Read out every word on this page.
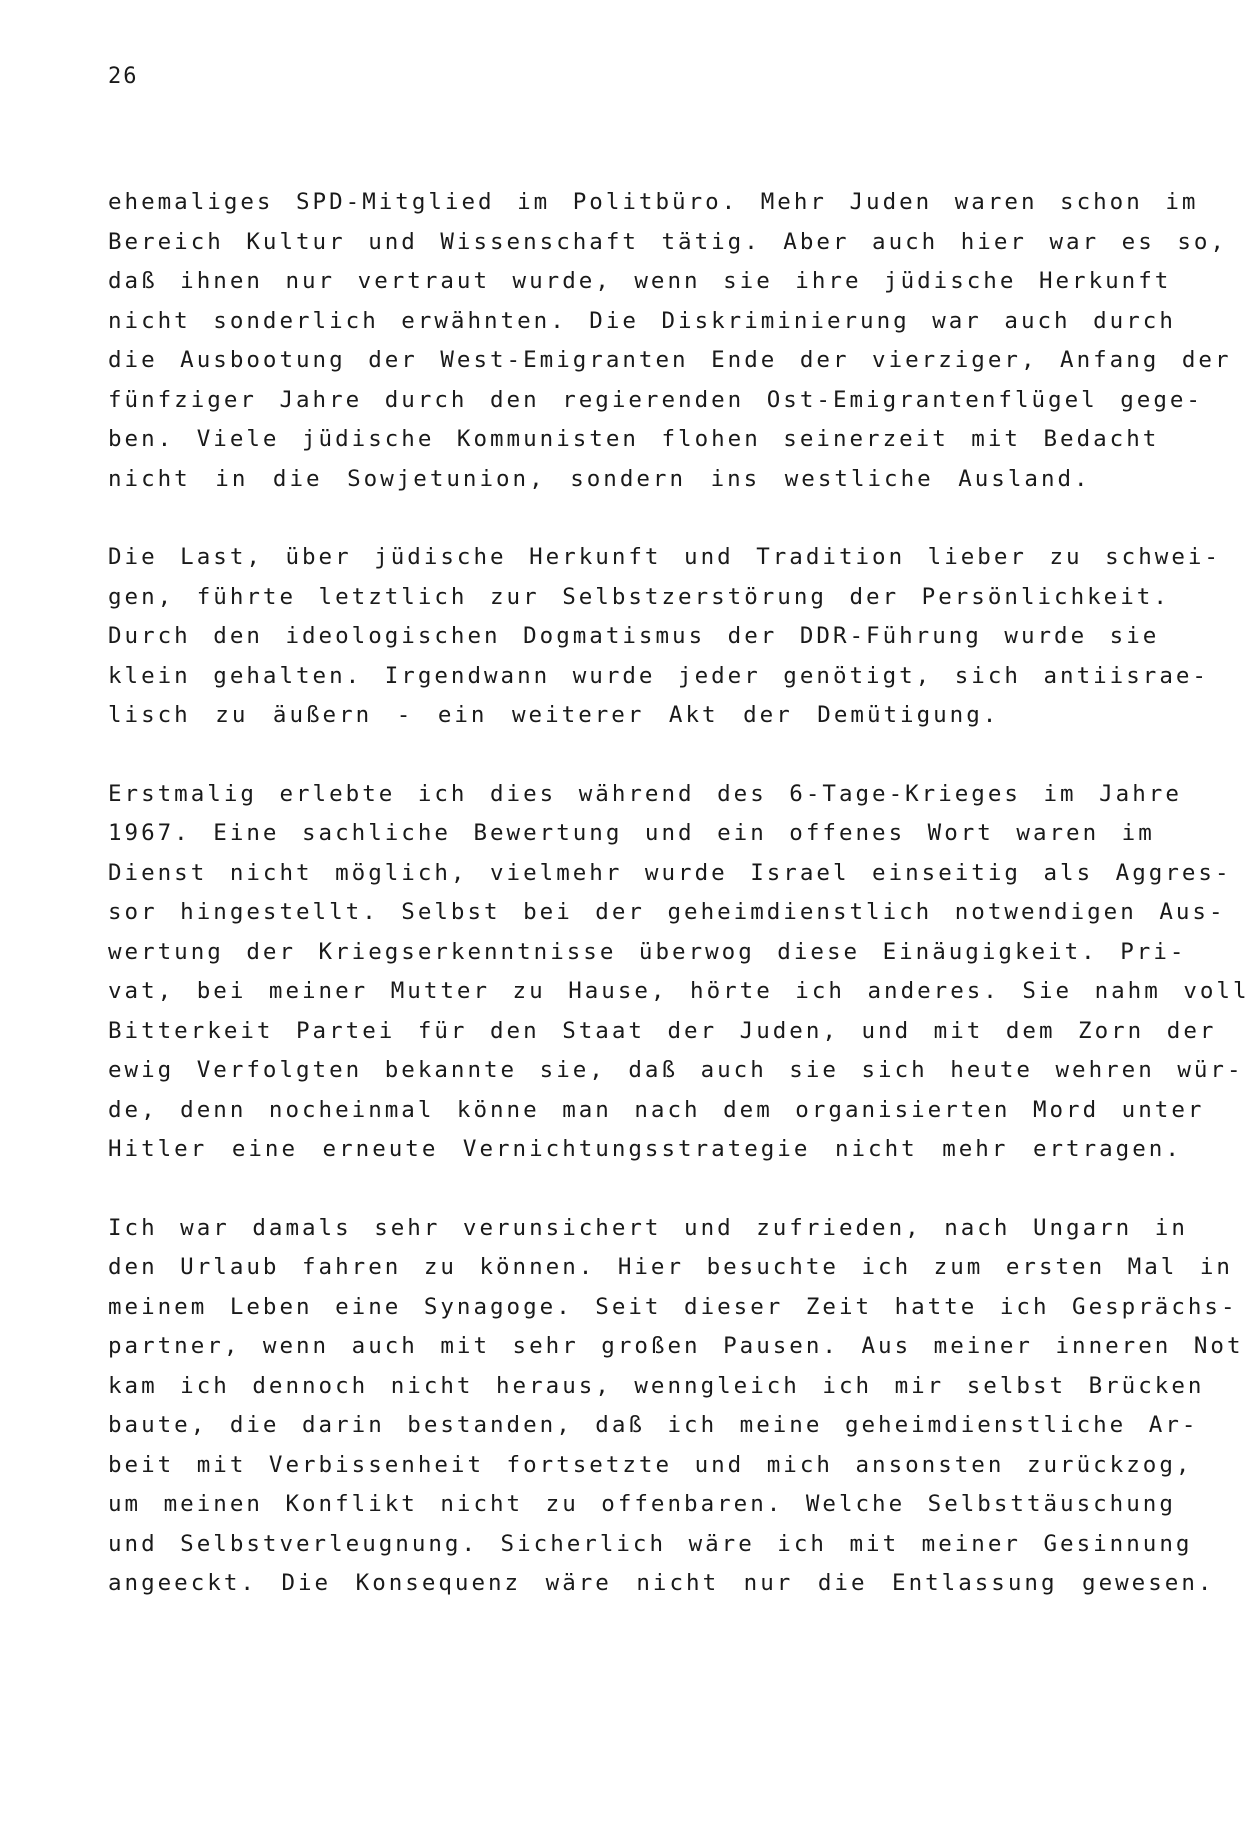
26

ehemaliges SPD-Mitglied im Politbüro. Mehr Juden waren schon im
Bereich Kultur und Wissenschaft tätig. Aber auch hier war es so,
daß ihnen nur vertraut wurde, wenn sie ihre jüdische Herkunft
nicht sonderlich erwähnten. Die Diskriminierung war auch durch
die Ausbootung der West-Emigranten Ende der vierziger, Anfang der
fünfziger Jahre durch den regierenden Ost-Emigrantenflügel gege-
ben. Viele jüdische Kommunisten flohen seinerzeit mit Bedacht
nicht in die Sowjetunion, sondern ins westliche Ausland.
Die Last, über jüdische Herkunft und Tradition lieber zu schwei-
gen, führte letztlich zur Selbstzerstörung der Persönlichkeit.
Durch den ideologischen Dogmatismus der DDR-Führung wurde sie
klein gehalten. Irgendwann wurde jeder genötigt, sich antiisrae-
lisch zu äußern - ein weiterer Akt der Demütigung.
Erstmalig erlebte ich dies während des 6-Tage-Krieges im Jahre
1967. Eine sachliche Bewertung und ein offenes Wort waren im
Dienst nicht möglich, vielmehr wurde Israel einseitig als Aggres-
sor hingestellt. Selbst bei der geheimdienstlich notwendigen Aus-
wertung der Kriegserkenntnisse überwog diese Einäugigkeit. Pri-
vat, bei meiner Mutter zu Hause, hörte ich anderes. Sie nahm voll
Bitterkeit Partei für den Staat der Juden, und mit dem Zorn der
ewig Verfolgten bekannte sie, daß auch sie sich heute wehren wür-
de, denn nocheinmal könne man nach dem organisierten Mord unter
Hitler eine erneute Vernichtungsstrategie nicht mehr ertragen.
Ich war damals sehr verunsichert und zufrieden, nach Ungarn in
den Urlaub fahren zu können. Hier besuchte ich zum ersten Mal in
meinem Leben eine Synagoge. Seit dieser Zeit hatte ich Gesprächs-
partner, wenn auch mit sehr großen Pausen. Aus meiner inneren Not
kam ich dennoch nicht heraus, wenngleich ich mir selbst Brücken
baute, die darin bestanden, daß ich meine geheimdienstliche Ar-
beit mit Verbissenheit fortsetzte und mich ansonsten zurückzog,
um meinen Konflikt nicht zu offenbaren. Welche Selbsttäuschung
und Selbstverleugnung. Sicherlich wäre ich mit meiner Gesinnung
angeeckt. Die Konsequenz wäre nicht nur die Entlassung gewesen.
